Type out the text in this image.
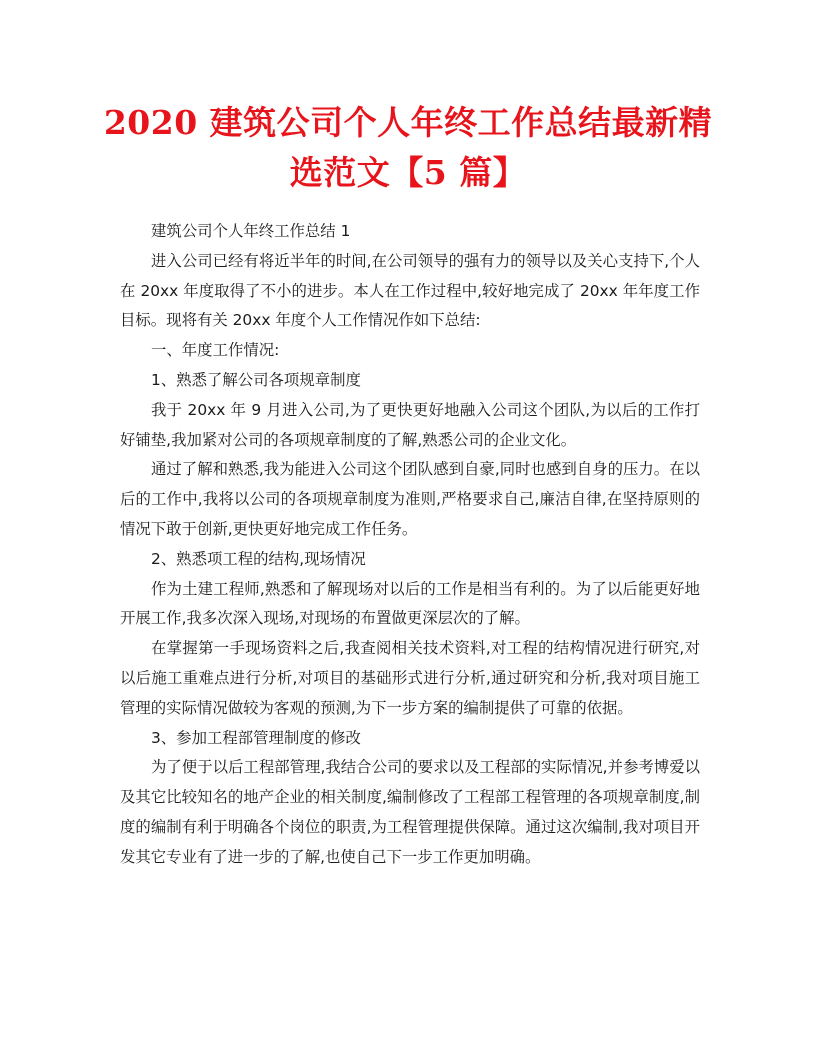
2020 建筑公司个人年终工作总结最新精选范文【5 篇】

建筑公司个人年终工作总结 1

进入公司已经有将近半年的时间,在公司领导的强有力的领导以及关心支持下,个人在 20xx 年度取得了不小的进步。本人在工作过程中,较好地完成了 20xx 年年度工作目标。现将有关 20xx 年度个人工作情况作如下总结:

一、年度工作情况:

1、熟悉了解公司各项规章制度

我于 20xx 年 9 月进入公司,为了更快更好地融入公司这个团队,为以后的工作打好铺垫,我加紧对公司的各项规章制度的了解,熟悉公司的企业文化。

通过了解和熟悉,我为能进入公司这个团队感到自豪,同时也感到自身的压力。在以后的工作中,我将以公司的各项规章制度为准则,严格要求自己,廉洁自律,在坚持原则的情况下敢于创新,更快更好地完成工作任务。

2、熟悉项工程的结构,现场情况

作为土建工程师,熟悉和了解现场对以后的工作是相当有利的。为了以后能更好地开展工作,我多次深入现场,对现场的布置做更深层次的了解。

在掌握第一手现场资料之后,我查阅相关技术资料,对工程的结构情况进行研究,对以后施工重难点进行分析,对项目的基础形式进行分析,通过研究和分析,我对项目施工管理的实际情况做较为客观的预测,为下一步方案的编制提供了可靠的依据。

3、参加工程部管理制度的修改

为了便于以后工程部管理,我结合公司的要求以及工程部的实际情况,并参考博爱以及其它比较知名的地产企业的相关制度,编制修改了工程部工程管理的各项规章制度,制度的编制有利于明确各个岗位的职责,为工程管理提供保障。通过这次编制,我对项目开发其它专业有了进一步的了解,也使自己下一步工作更加明确。
